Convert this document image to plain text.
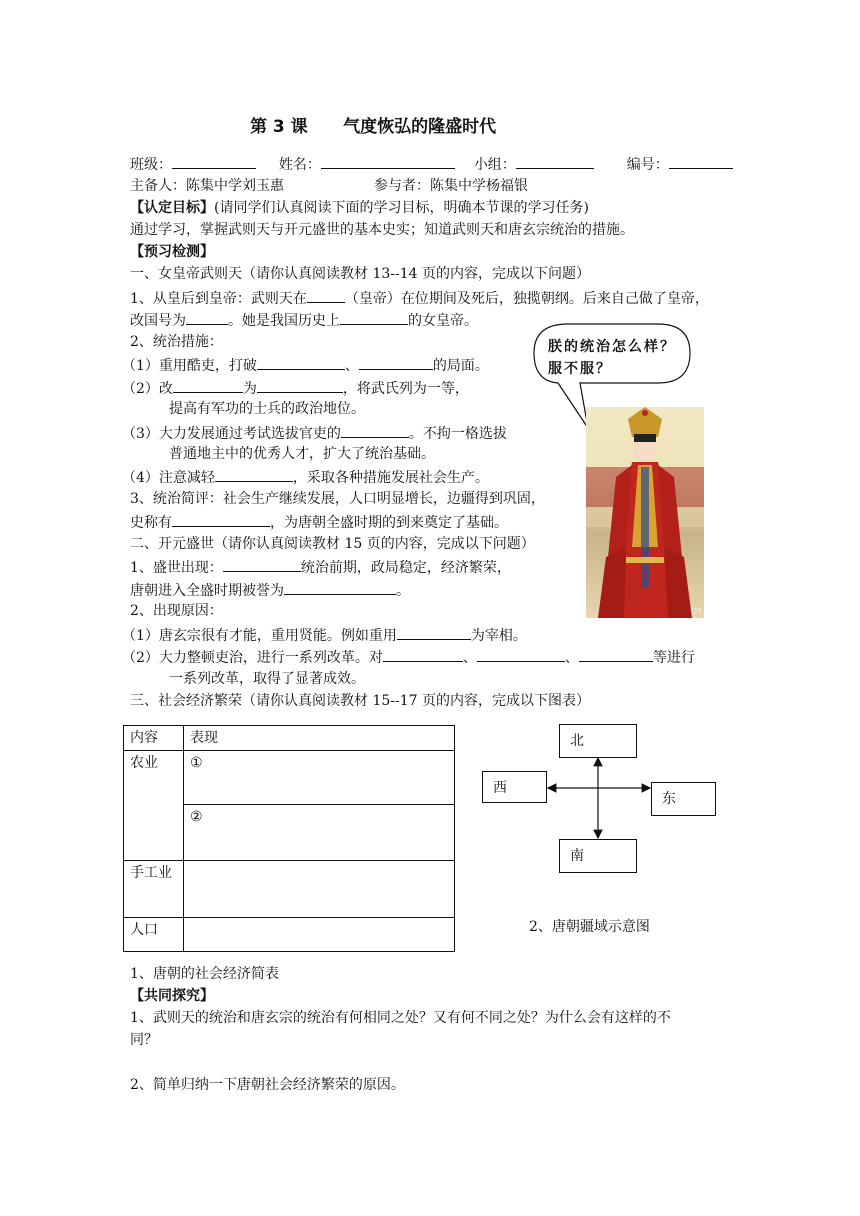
第 3 课      气度恢弘的隆盛时代
班级：	姓名：	小组：	编号：
主备人：陈集中学刘玉惠	参与者：陈集中学杨福银
【认定目标】(请同学们认真阅读下面的学习目标，明确本节课的学习任务)
通过学习，掌握武则天与开元盛世的基本史实；知道武则天和唐玄宗统治的措施。
【预习检测】
一、女皇帝武则天（请你认真阅读教材 13--14 页的内容，完成以下问题）
1、从皇后到皇帝：武则天在	（皇帝）在位期间及死后，独揽朝纲。后来自己做了皇帝，
改国号为	。她是我国历史上	的女皇帝。
2、统治措施：
（1）重用酷吏，打破	、	的局面。
（2）改	为	，将武氏列为一等，
提高有军功的士兵的政治地位。
（3）大力发展通过考试选拔官吏的	。不拘一格选拔
普通地主中的优秀人才，扩大了统治基础。
（4）注意减轻	，采取各种措施发展社会生产。
3、统治简评：社会生产继续发展，人口明显增长，边疆得到巩固，
史称有	，为唐朝全盛时期的到来奠定了基础。
朕的统治怎么样？服不服？
DT
二、开元盛世（请你认真阅读教材 15 页的内容，完成以下问题）
1、盛世出现：	统治前期，政局稳定，经济繁荣，
唐朝进入全盛时期被誉为	。
2、出现原因：
（1）唐玄宗很有才能，重用贤能。例如重用	为宰相。
（2）大力整顿吏治，进行一系列改革。对	、	、	等进行
一系列改革，取得了显著成效。
三、社会经济繁荣（请你认真阅读教材 15--17 页的内容，完成以下图表）
内容	表现
农业	①
	②
手工业	
人口	
1、唐朝的社会经济简表
北
西
东
南
2、唐朝疆域示意图
【共同探究】
1、武则天的统治和唐玄宗的统治有何相同之处？又有何不同之处？为什么会有这样的不
同？
2、简单归纳一下唐朝社会经济繁荣的原因。
